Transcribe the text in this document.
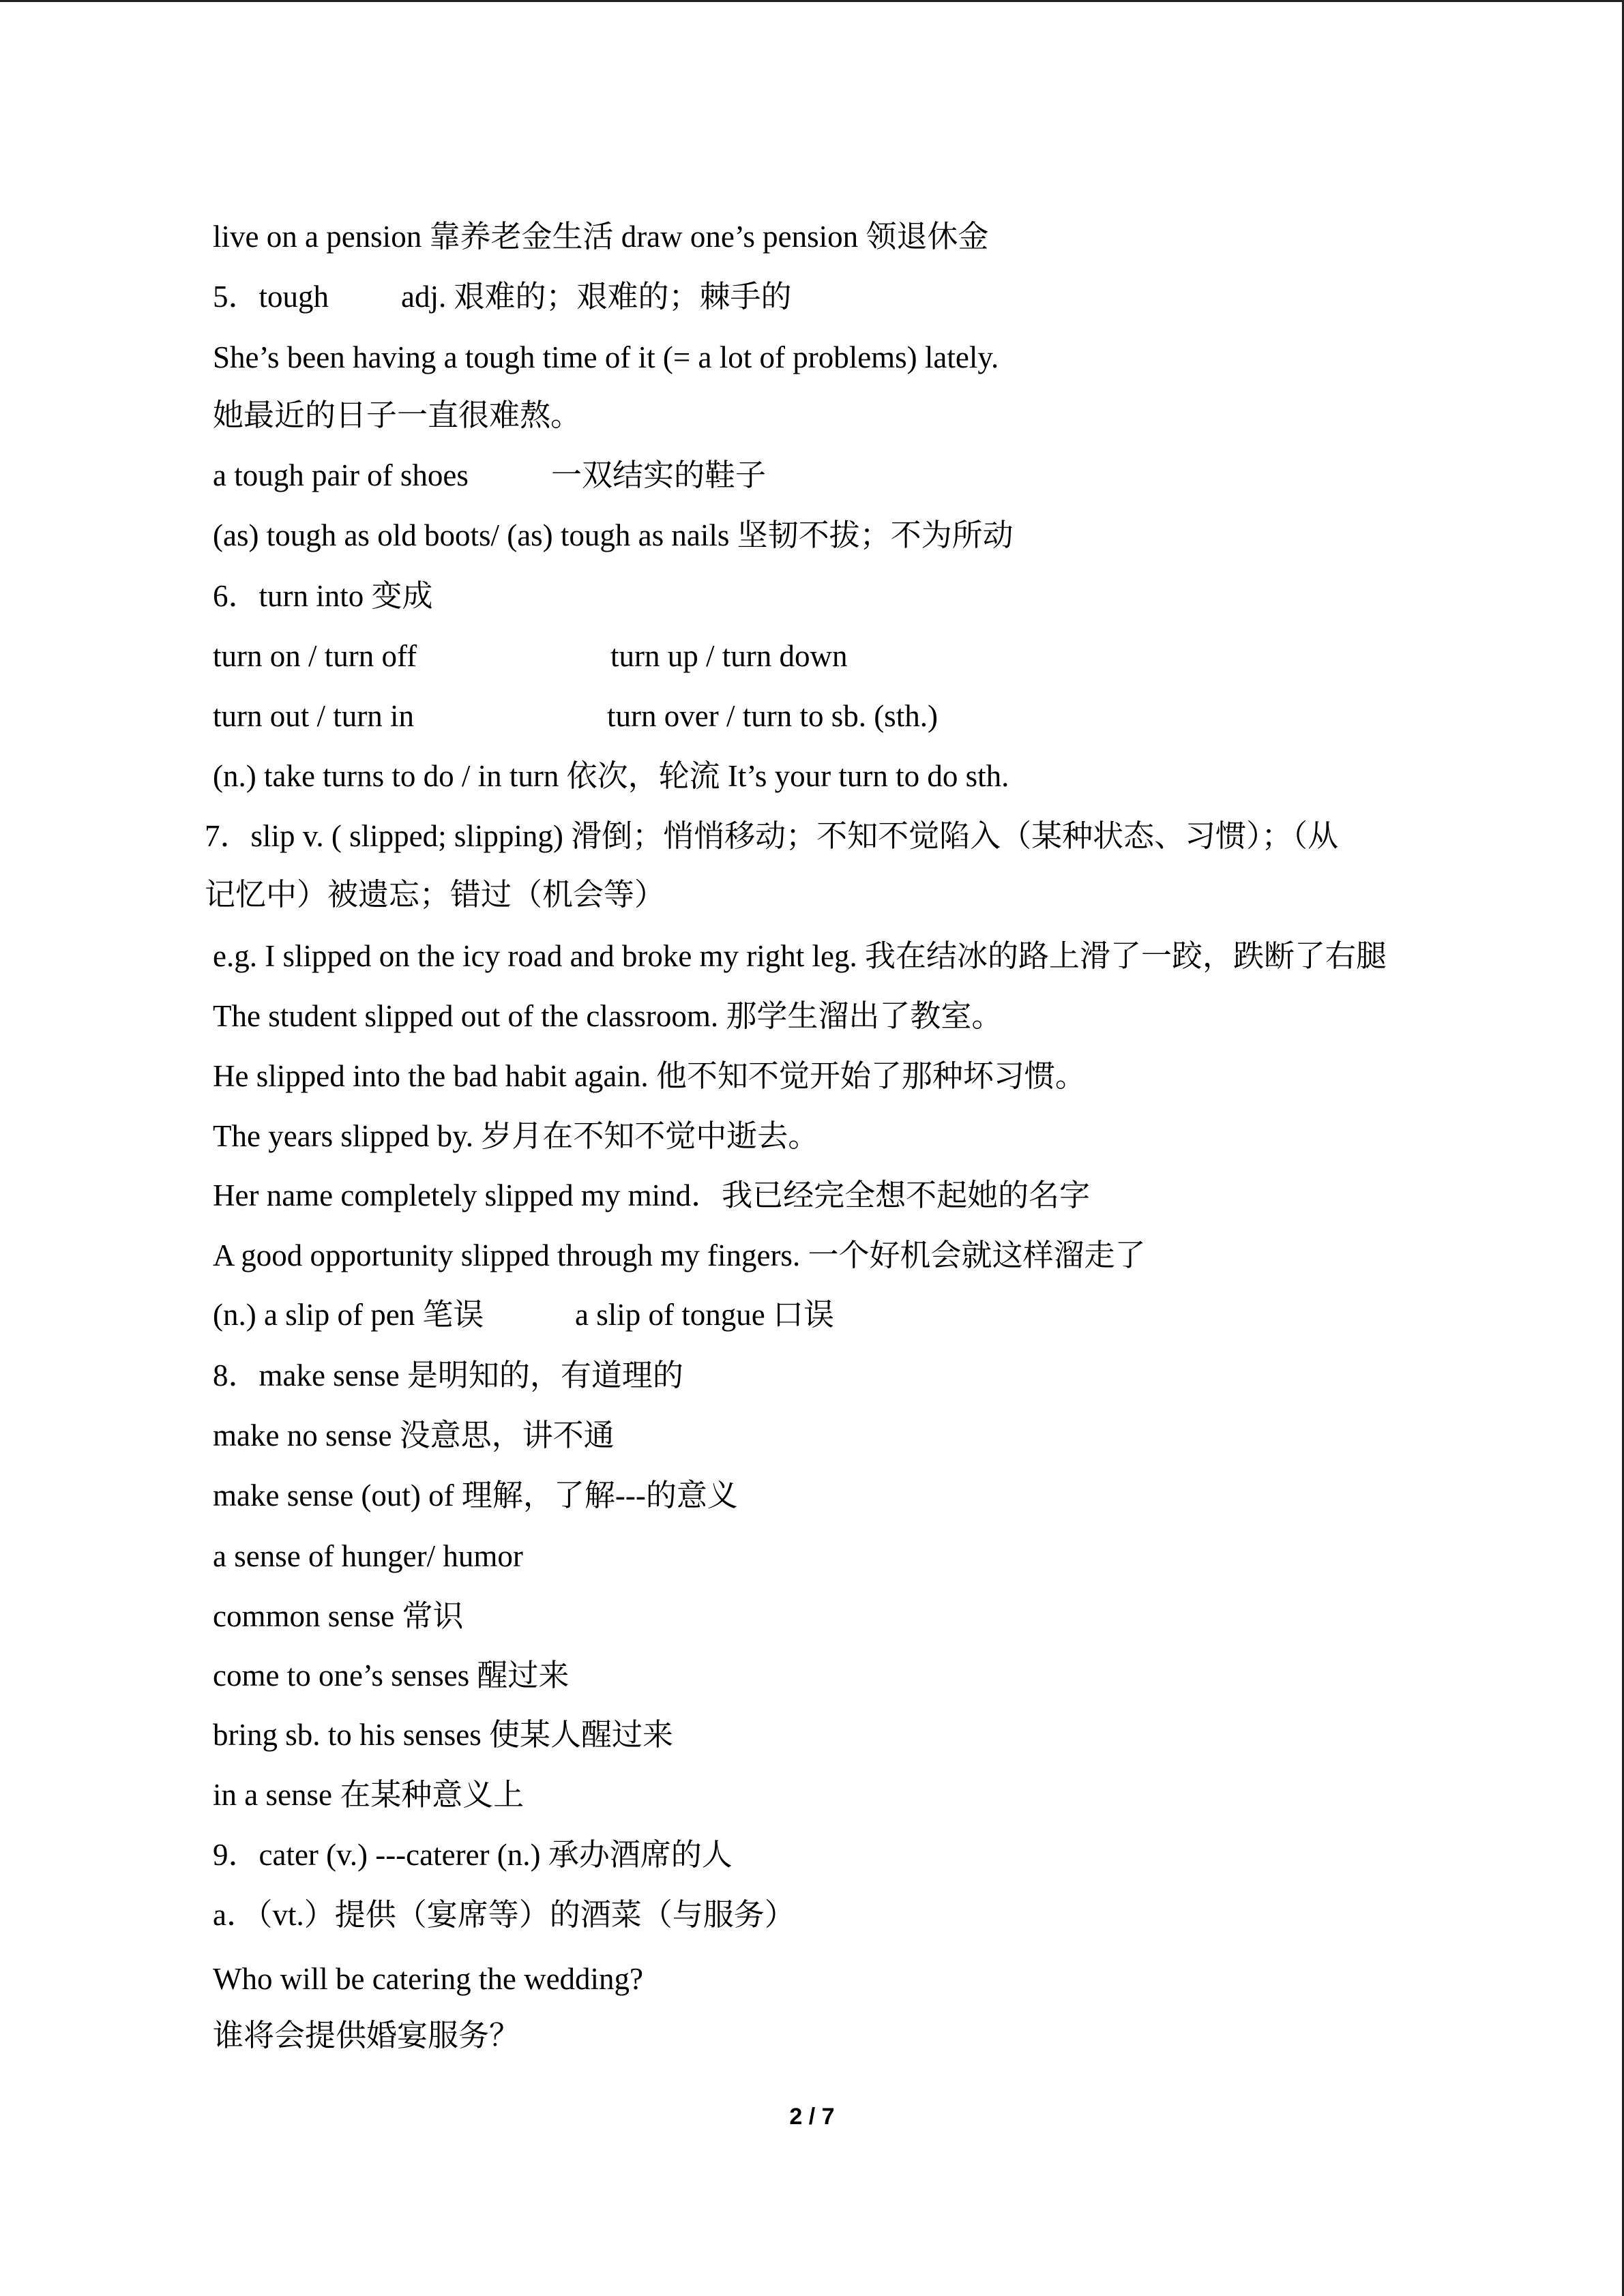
live on a pension 靠养老金生活 draw one’s pension 领退休金
5．tough adj. 艰难的；艰难的；棘手的
She’s been having a tough time of it (= a lot of problems) lately.
她最近的日子一直很难熬。
a tough pair of shoes	一双结实的鞋子
(as) tough as old boots/ (as) tough as nails 坚韧不拔；不为所动
6．turn into 变成
turn on / turn off	turn up / turn down
turn out / turn in	turn over / turn to sb. (sth.)
(n.) take turns to do / in turn 依次，轮流 It’s your turn to do sth.
7．slip v. ( slipped; slipping) 滑倒；悄悄移动；不知不觉陷入（某种状态、习惯）；（从
记忆中）被遗忘；错过（机会等）
e.g. I slipped on the icy road and broke my right leg. 我在结冰的路上滑了一跤，跌断了右腿
The student slipped out of the classroom. 那学生溜出了教室。
He slipped into the bad habit again. 他不知不觉开始了那种坏习惯。
The years slipped by. 岁月在不知不觉中逝去。
Her name completely slipped my mind．我已经完全想不起她的名字
A good opportunity slipped through my fingers. 一个好机会就这样溜走了
(n.) a slip of pen 笔误	a slip of tongue 口误
8．make sense 是明知的，有道理的
make no sense 没意思，讲不通
make sense (out) of 理解，了解---的意义
a sense of hunger/ humor
common sense 常识
come to one’s senses 醒过来
bring sb. to his senses 使某人醒过来
in a sense 在某种意义上
9．cater (v.) ---caterer (n.) 承办酒席的人
a．（vt.）提供（宴席等）的酒菜（与服务）
Who will be catering the wedding?
谁将会提供婚宴服务？
2 / 7
